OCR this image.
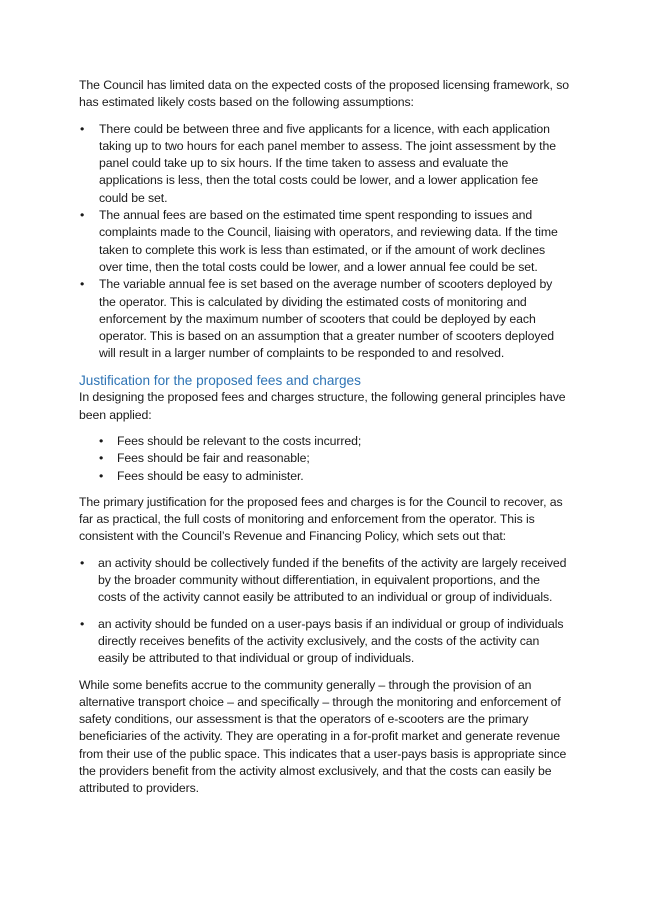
The Council has limited data on the expected costs of the proposed licensing framework, so has estimated likely costs based on the following assumptions:

• There could be between three and five applicants for a licence, with each application taking up to two hours for each panel member to assess. The joint assessment by the panel could take up to six hours. If the time taken to assess and evaluate the applications is less, then the total costs could be lower, and a lower application fee could be set.
• The annual fees are based on the estimated time spent responding to issues and complaints made to the Council, liaising with operators, and reviewing data. If the time taken to complete this work is less than estimated, or if the amount of work declines over time, then the total costs could be lower, and a lower annual fee could be set.
• The variable annual fee is set based on the average number of scooters deployed by the operator. This is calculated by dividing the estimated costs of monitoring and enforcement by the maximum number of scooters that could be deployed by each operator. This is based on an assumption that a greater number of scooters deployed will result in a larger number of complaints to be responded to and resolved.
Justification for the proposed fees and charges

In designing the proposed fees and charges structure, the following general principles have been applied:

• Fees should be relevant to the costs incurred;
• Fees should be fair and reasonable;
• Fees should be easy to administer.

The primary justification for the proposed fees and charges is for the Council to recover, as far as practical, the full costs of monitoring and enforcement from the operator. This is consistent with the Council’s Revenue and Financing Policy, which sets out that:

• an activity should be collectively funded if the benefits of the activity are largely received by the broader community without differentiation, in equivalent proportions, and the costs of the activity cannot easily be attributed to an individual or group of individuals.
• an activity should be funded on a user-pays basis if an individual or group of individuals directly receives benefits of the activity exclusively, and the costs of the activity can easily be attributed to that individual or group of individuals.

While some benefits accrue to the community generally – through the provision of an alternative transport choice – and specifically – through the monitoring and enforcement of safety conditions, our assessment is that the operators of e-scooters are the primary beneficiaries of the activity. They are operating in a for-profit market and generate revenue from their use of the public space. This indicates that a user-pays basis is appropriate since the providers benefit from the activity almost exclusively, and that the costs can easily be attributed to providers.
